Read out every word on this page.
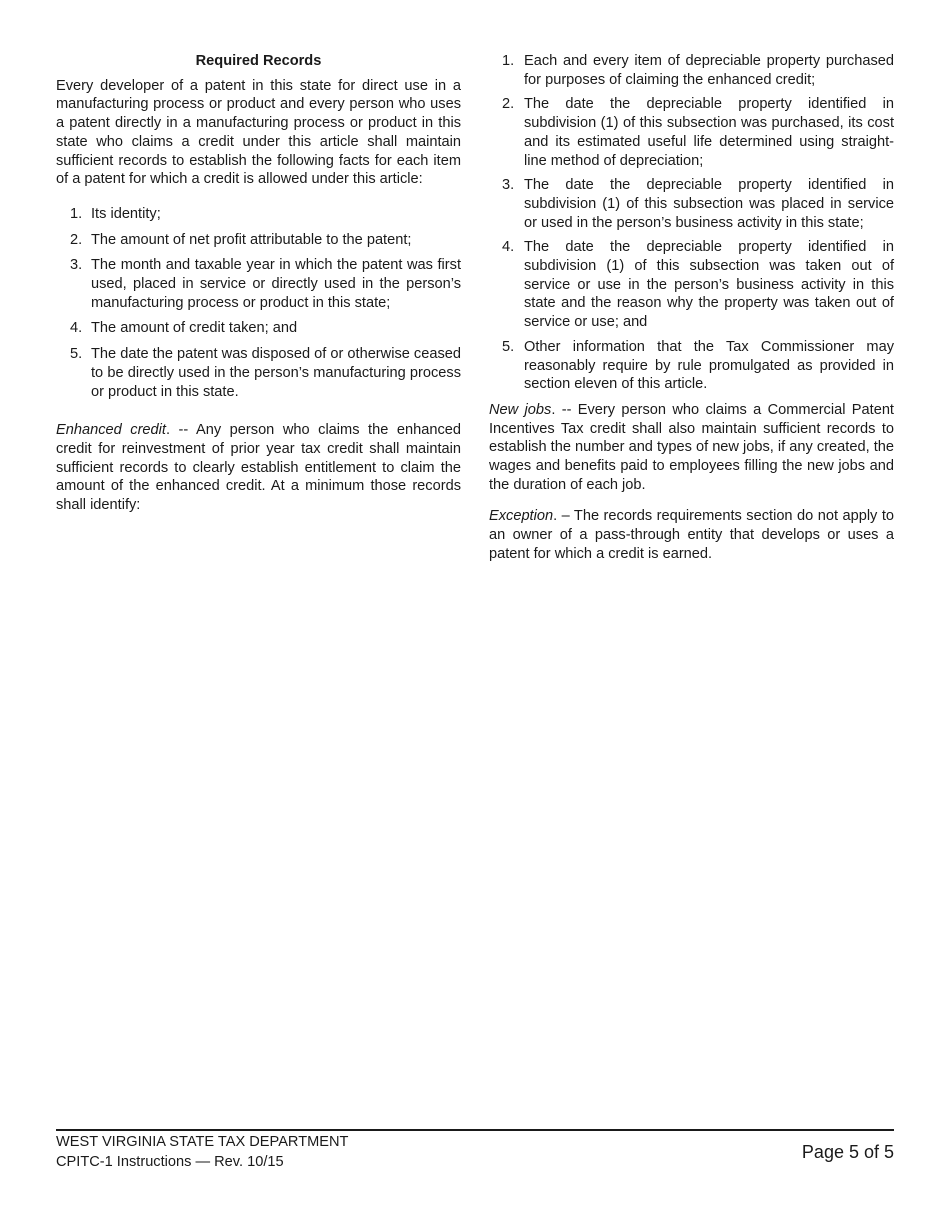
Required Records

Every developer of a patent in this state for direct use in a manufacturing process or product and every person who uses a patent directly in a manufacturing process or product in this state who claims a credit under this article shall maintain sufficient records to establish the following facts for each item of a patent for which a credit is allowed under this article:

1. Its identity;
2. The amount of net profit attributable to the patent;
3. The month and taxable year in which the patent was first used, placed in service or directly used in the person’s manufacturing process or product in this state;
4. The amount of credit taken; and
5. The date the patent was disposed of or otherwise ceased to be directly used in the person’s manufacturing process or product in this state.

Enhanced credit. -- Any person who claims the enhanced credit for reinvestment of prior year tax credit shall maintain sufficient records to clearly establish entitlement to claim the amount of the enhanced credit. At a minimum those records shall identify:

1. Each and every item of depreciable property purchased for purposes of claiming the enhanced credit;
2. The date the depreciable property identified in subdivision (1) of this subsection was purchased, its cost and its estimated useful life determined using straight-line method of depreciation;
3. The date the depreciable property identified in subdivision (1) of this subsection was placed in service or used in the person’s business activity in this state;
4. The date the depreciable property identified in subdivision (1) of this subsection was taken out of service or use in the person’s business activity in this state and the reason why the property was taken out of service or use; and
5. Other information that the Tax Commissioner may reasonably require by rule promulgated as provided in section eleven of this article.

New jobs. -- Every person who claims a Commercial Patent Incentives Tax credit shall also maintain sufficient records to establish the number and types of new jobs, if any created, the wages and benefits paid to employees filling the new jobs and the duration of each job.

Exception. – The records requirements section do not apply to an owner of a pass-through entity that develops or uses a patent for which a credit is earned.

WEST VIRGINIA STATE TAX DEPARTMENT
CPITC-1 Instructions — Rev. 10/15	Page 5 of 5
